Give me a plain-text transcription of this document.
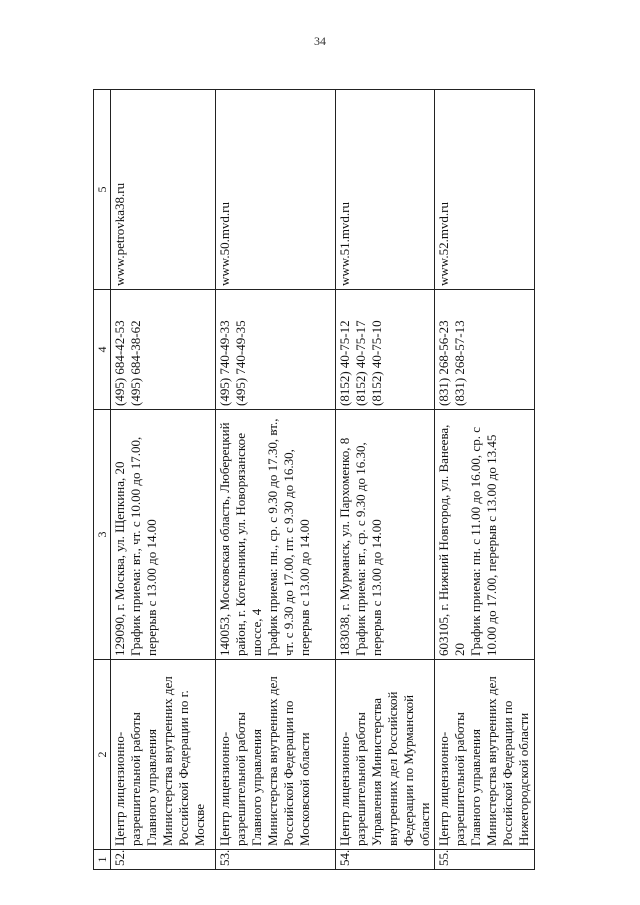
34
1	2	3	4	5
52.	Центр лицензионно-разрешительной работы Главного управления Министерства внутренних дел Российской Федерации по г. Москве	129090, г. Москва, ул. Щепкина, 20 График приема: вт., чт. с 10.00 до 17.00, перерыв с 13.00 до 14.00	(495) 684-42-53 (495) 684-38-62	www.petrovka38.ru
53.	Центр лицензионно-разрешительной работы Главного управления Министерства внутренних дел Российской Федерации по Московской области	140053, Московская область, Люберецкий район, г. Котельники, ул. Новорязанское шоссе, 4 График приема: пн., ср. с 9.30 до 17.30, вт., чт. с 9.30 до 17.00, пт. с 9.30 до 16.30, перерыв с 13.00 до 14.00	(495) 740-49-33 (495) 740-49-35	www.50.mvd.ru
54.	Центр лицензионно-разрешительной работы Управления Министерства внутренних дел Российской Федерации по Мурманской области	183038, г. Мурманск, ул. Пархоменко, 8 График приема: вт., ср. с 9.30 до 16.30, перерыв с 13.00 до 14.00	(8152) 40-75-12 (8152) 40-75-17 (8152) 40-75-10	www.51.mvd.ru
55.	Центр лицензионно-разрешительной работы Главного управления Министерства внутренних дел Российской Федерации по Нижегородской области	603105, г. Нижний Новгород, ул. Ванеева, 20 График приема: пн. с 11.00 до 16.00, ср. с 10.00 до 17.00, перерыв с 13.00 до 13.45	(831) 268-56-23 (831) 268-57-13	www.52.mvd.ru
